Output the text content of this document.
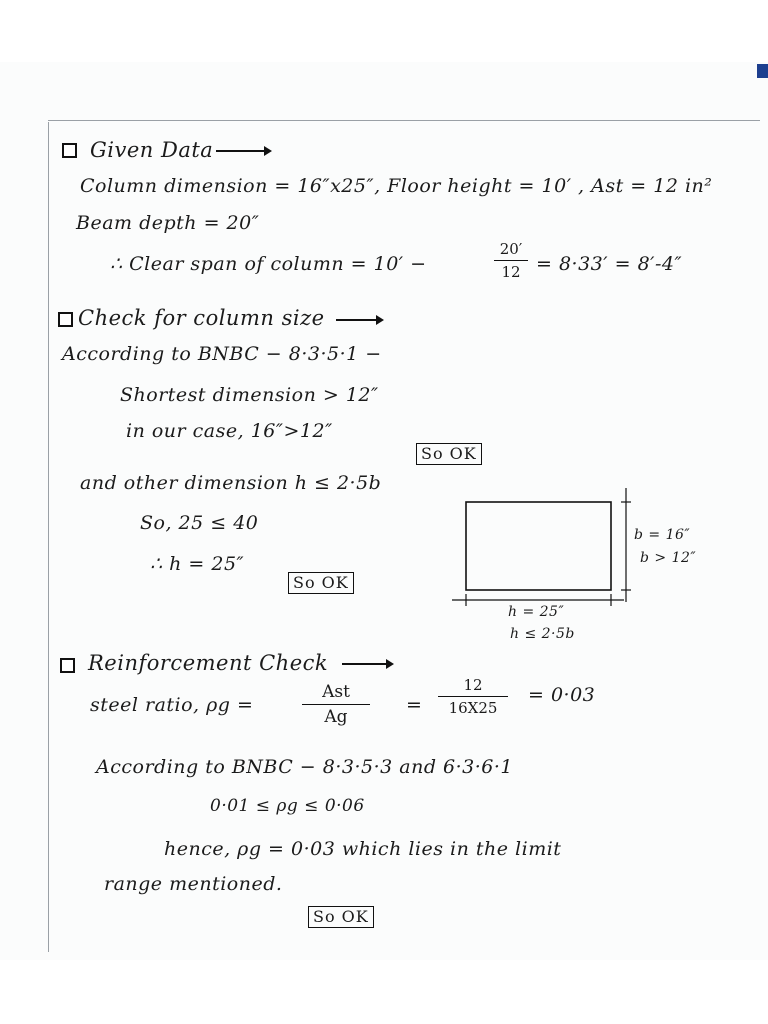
Given Data
Column dimension = 16″x25″, Floor height = 10′ , Ast = 12 in²
Beam depth = 20″
∴ Clear span of column = 10′ −
20′
12 = 8·33′ = 8′-4″
Check for column size
According to BNBC − 8·3·5·1 −
Shortest dimension > 12″
in our case, 16″>12″
So OK
and other dimension h ≤ 2·5b
So, 25 ≤ 40
∴ h = 25″
So OK
b = 16″
b > 12″
h = 25″
h ≤ 2·5b
Reinforcement Check
steel ratio, ρg =
Ast
Ag
=
12
16X25
= 0·03
According to BNBC − 8·3·5·3 and 6·3·6·1
0·01 ≤ ρg ≤ 0·06
hence, ρg = 0·03 which lies in the limit
range mentioned.
So OK
